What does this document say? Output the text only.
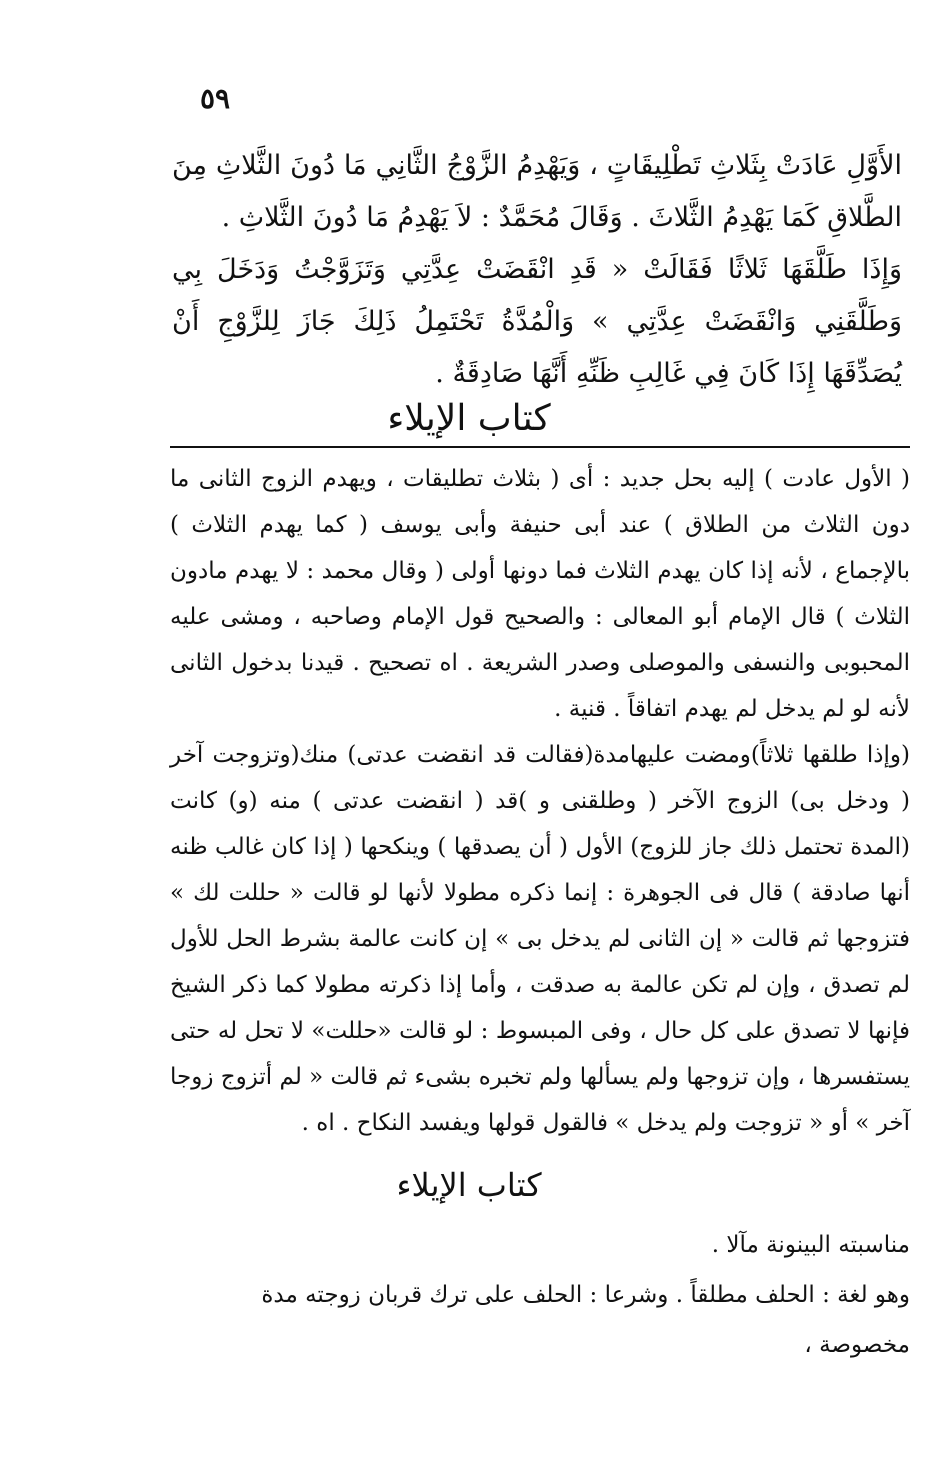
٥٩

الأَوَّلِ عَادَتْ بِثَلاثِ تَطْلِيقَاتٍ ، وَيَهْدِمُ الزَّوْجُ الثَّانِي مَا دُونَ الثَّلاثِ مِنَ الطَّلاقِ كَمَا يَهْدِمُ الثَّلاثَ . وَقَالَ مُحَمَّدٌ : لاَ يَهْدِمُ مَا دُونَ الثَّلاثِ .

وَإِذَا طَلَّقَهَا ثَلاثًا فَقَالَتْ « قَدِ انْقَضَتْ عِدَّتِي وَتَزَوَّجْتُ وَدَخَلَ بِي وَطَلَّقَنِي وَانْقَضَتْ عِدَّتِي » وَالْمُدَّةُ تَحْتَمِلُ ذَلِكَ جَازَ لِلزَّوْجِ أَنْ يُصَدِّقَهَا إِذَا كَانَ فِي غَالِبِ ظَنِّهِ أَنَّهَا صَادِقَةٌ .

كتاب الإيلاء

( الأول عادت ) إليه بحل جديد : أى ( بثلاث تطليقات ، ويهدم الزوج الثانى ما دون الثلاث من الطلاق ) عند أبى حنيفة وأبى يوسف ( كما يهدم الثلاث ) بالإجماع ، لأنه إذا كان يهدم الثلاث فما دونها أولى ( وقال محمد : لا يهدم مادون الثلاث ) قال الإمام أبو المعالى : والصحيح قول الإمام وصاحبه ، ومشى عليه المحبوبى والنسفى والموصلى وصدر الشريعة . اه تصحيح . قيدنا بدخول الثانى لأنه لو لم يدخل لم يهدم اتفاقاً . قنية .

(وإذا طلقها ثلاثاً)ومضت عليهامدة(فقالت قد انقضت عدتى) منك(وتزوجت آخر ( ودخل بى) الزوج الآخر ( وطلقنى و )قد ( انقضت عدتى ) منه (و) كانت (المدة تحتمل ذلك جاز للزوج) الأول ( أن يصدقها ) وينكحها ( إذا كان غالب ظنه أنها صادقة ) قال فى الجوهرة : إنما ذكره مطولا لأنها لو قالت « حللت لك » فتزوجها ثم قالت « إن الثانى لم يدخل بى » إن كانت عالمة بشرط الحل للأول لم تصدق ، وإن لم تكن عالمة به صدقت ، وأما إذا ذكرته مطولا كما ذكر الشيخ فإنها لا تصدق على كل حال ، وفى المبسوط : لو قالت «حللت» لا تحل له حتى يستفسرها ، وإن تزوجها ولم يسألها ولم تخبره بشىء ثم قالت « لم أتزوج زوجا آخر » أو « تزوجت ولم يدخل » فالقول قولها ويفسد النكاح . اه .

كتاب الإيلاء

مناسبته البينونة مآلا .

وهو لغة : الحلف مطلقاً . وشرعا : الحلف على ترك قربان زوجته مدة مخصوصة ،
